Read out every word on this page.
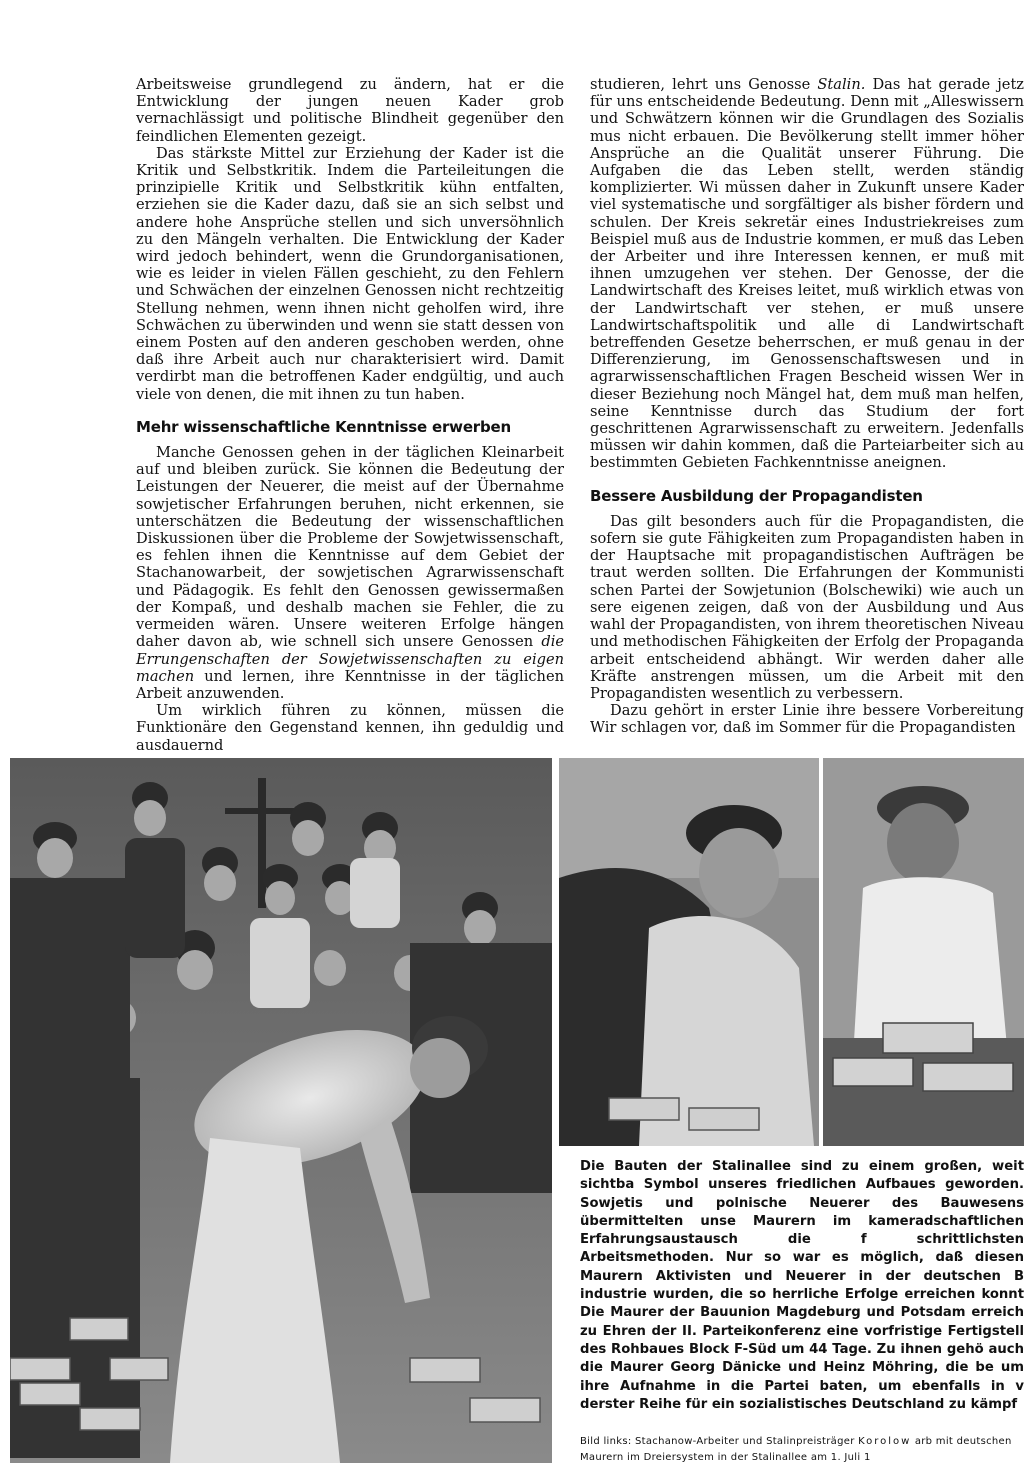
Arbeitsweise grundlegend zu ändern, hat er die Entwicklung der jungen neuen Kader grob vernachlässigt und politische Blindheit gegenüber den feindlichen Elementen gezeigt.

Das stärkste Mittel zur Erziehung der Kader ist die Kritik und Selbstkritik. Indem die Parteileitungen die prinzipielle Kritik und Selbstkritik kühn entfalten, erziehen sie die Kader dazu, daß sie an sich selbst und andere hohe Ansprüche stellen und sich unversöhnlich zu den Mängeln verhalten. Die Entwicklung der Kader wird jedoch behindert, wenn die Grundorganisationen, wie es leider in vielen Fällen geschieht, zu den Fehlern und Schwächen der einzelnen Genossen nicht rechtzeitig Stellung nehmen, wenn ihnen nicht geholfen wird, ihre Schwächen zu überwinden und wenn sie statt dessen von einem Posten auf den anderen geschoben werden, ohne daß ihre Arbeit auch nur charakterisiert wird. Damit verdirbt man die betroffenen Kader endgültig, und auch viele von denen, die mit ihnen zu tun haben.

Mehr wissenschaftliche Kenntnisse erwerben

Manche Genossen gehen in der täglichen Kleinarbeit auf und bleiben zurück. Sie können die Bedeutung der Leistungen der Neuerer, die meist auf der Übernahme sowjetischer Erfahrungen beruhen, nicht erkennen, sie unterschätzen die Bedeutung der wissenschaftlichen Diskussionen über die Probleme der Sowjetwissenschaft, es fehlen ihnen die Kenntnisse auf dem Gebiet der Stachanowarbeit, der sowjetischen Agrarwissenschaft und Pädagogik. Es fehlt den Genossen gewissermaßen der Kompaß, und deshalb machen sie Fehler, die zu vermeiden wären. Unsere weiteren Erfolge hängen daher davon ab, wie schnell sich unsere Genossen die Errungenschaften der Sowjetwissenschaften zu eigen machen und lernen, ihre Kenntnisse in der täglichen Arbeit anzuwenden.

Um wirklich führen zu können, müssen die Funktionäre den Gegenstand kennen, ihn geduldig und ausdauernd

studieren, lehrt uns Genosse Stalin. Das hat gerade jetz für uns entscheidende Bedeutung. Denn mit „Alleswissern und Schwätzern können wir die Grundlagen des Sozialis mus nicht erbauen. Die Bevölkerung stellt immer höher Ansprüche an die Qualität unserer Führung. Die Aufgaben die das Leben stellt, werden ständig komplizierter. Wi müssen daher in Zukunft unsere Kader viel systematische und sorgfältiger als bisher fördern und schulen. Der Kreis sekretär eines Industriekreises zum Beispiel muß aus de Industrie kommen, er muß das Leben der Arbeiter und ihre Interessen kennen, er muß mit ihnen umzugehen ver stehen. Der Genosse, der die Landwirtschaft des Kreises leitet, muß wirklich etwas von der Landwirtschaft ver stehen, er muß unsere Landwirtschaftspolitik und alle di Landwirtschaft betreffenden Gesetze beherrschen, er muß genau in der Differenzierung, im Genossenschaftswesen und in agrarwissenschaftlichen Fragen Bescheid wissen Wer in dieser Beziehung noch Mängel hat, dem muß man helfen, seine Kenntnisse durch das Studium der fort geschrittenen Agrarwissenschaft zu erweitern. Jedenfalls müssen wir dahin kommen, daß die Parteiarbeiter sich au bestimmten Gebieten Fachkenntnisse aneignen.

Bessere Ausbildung der Propagandisten

Das gilt besonders auch für die Propagandisten, die sofern sie gute Fähigkeiten zum Propagandisten haben in der Hauptsache mit propagandistischen Aufträgen be traut werden sollten. Die Erfahrungen der Kommunisti schen Partei der Sowjetunion (Bolschewiki) wie auch un sere eigenen zeigen, daß von der Ausbildung und Aus wahl der Propagandisten, von ihrem theoretischen Niveau und methodischen Fähigkeiten der Erfolg der Propaganda arbeit entscheidend abhängt. Wir werden daher alle Kräfte anstrengen müssen, um die Arbeit mit den Propagandisten wesentlich zu verbessern.

Dazu gehört in erster Linie ihre bessere Vorbereitung Wir schlagen vor, daß im Sommer für die Propagandisten

Die Bauten der Stalinallee sind zu einem großen, weit sichtba Symbol unseres friedlichen Aufbaues geworden. Sowjetis und polnische Neuerer des Bauwesens übermittelten unse Maurern im kameradschaftlichen Erfahrungsaustausch die f schrittlichsten Arbeitsmethoden. Nur so war es möglich, daß diesen Maurern Aktivisten und Neuerer in der deutschen B industrie wurden, die so herrliche Erfolge erreichen konnt Die Maurer der Bauunion Magdeburg und Potsdam erreich zu Ehren der II. Parteikonferenz eine vorfristige Fertigstell des Rohbaues Block F-Süd um 44 Tage. Zu ihnen gehö auch die Maurer Georg Dänicke und Heinz Möhring, die be um ihre Aufnahme in die Partei baten, um ebenfalls in v derster Reihe für ein sozialistisches Deutschland zu kämpf
Bild links: Stachanow-Arbeiter und Stalinpreisträger Korolow arb mit deutschen Maurern im Dreiersystem in der Stalinallee am 1. Juli 1
